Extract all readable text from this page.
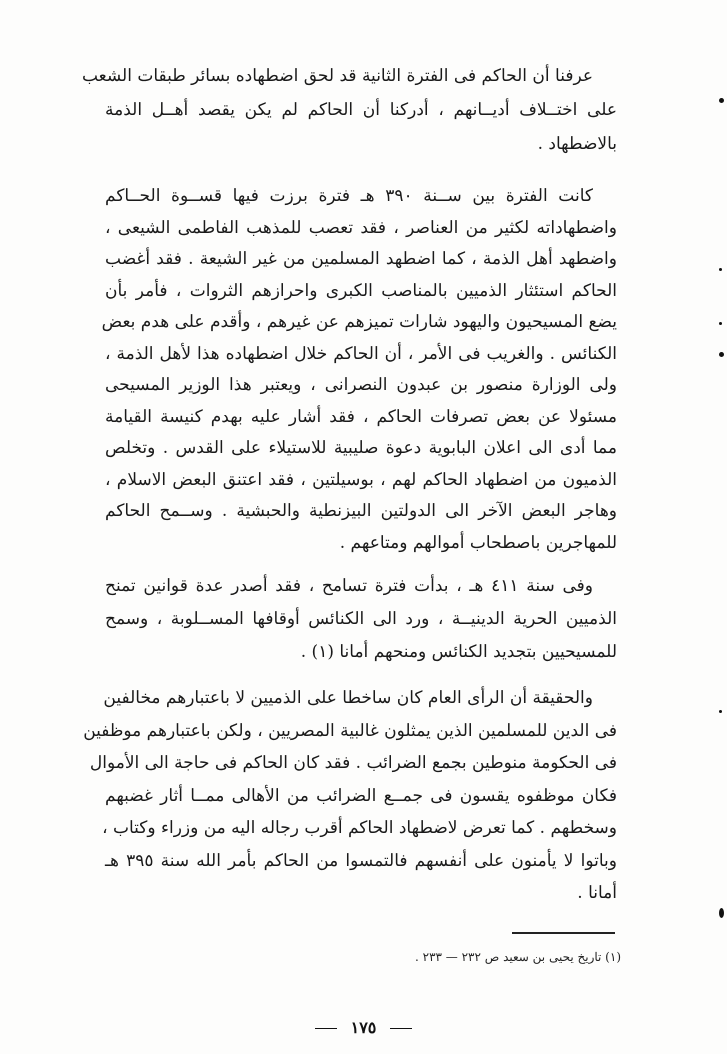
عرفنا أن الحاكم فى الفترة الثانية قد لحق اضطهاده بسائر طبقات الشعب
على اختــلاف أديــانهم ، أدركنا أن الحاكم لم يكن يقصد أهــل الذمة
بالاضطهاد .
كانت الفترة بين ســنة ٣٩٠ هـ فترة برزت فيها قســوة الحــاكم
واضطهاداته لكثير من العناصر ، فقد تعصب للمذهب الفاطمى الشيعى ،
واضطهد أهل الذمة ، كما اضطهد المسلمين من غير الشيعة . فقد أغضب
الحاكم استئثار الذميين بالمناصب الكبرى واحرازهم الثروات ، فأمر بأن
يضع المسيحيون واليهود شارات تميزهم عن غيرهم ، وأقدم على هدم بعض
الكنائس . والغريب فى الأمر ، أن الحاكم خلال اضطهاده هذا لأهل الذمة ،
ولى الوزارة منصور بن عبدون النصرانى ، ويعتبر هذا الوزير المسيحى
مسئولا عن بعض تصرفات الحاكم ، فقد أشار عليه بهدم كنيسة القيامة
مما أدى الى اعلان البابوية دعوة صليبية للاستيلاء على القدس . وتخلص
الذميون من اضطهاد الحاكم لهم ، بوسيلتين ، فقد اعتنق البعض الاسلام ،
وهاجر البعض الآخر الى الدولتين البيزنطية والحبشية . وســمح الحاكم
للمهاجرين باصطحاب أموالهم ومتاعهم .
وفى سنة ٤١١ هـ ، بدأت فترة تسامح ، فقد أصدر عدة قوانين تمنح
الذميين الحرية الدينيــة ، ورد الى الكنائس أوقافها المســلوبة ، وسمح
للمسيحيين بتجديد الكنائس ومنحهم أمانا (١) .
والحقيقة أن الرأى العام كان ساخطا على الذميين لا باعتبارهم مخالفين
فى الدين للمسلمين الذين يمثلون غالبية المصريين ، ولكن باعتبارهم موظفين
فى الحكومة منوطين بجمع الضرائب . فقد كان الحاكم فى حاجة الى الأموال
فكان موظفوه يقسون فى جمــع الضرائب من الأهالى ممــا أثار غضبهم
وسخطهم . كما تعرض لاضطهاد الحاكم أقرب رجاله اليه من وزراء وكتاب ،
وباتوا لا يأمنون على أنفسهم فالتمسوا من الحاكم بأمر الله سنة ٣٩٥ هـ
أمانا .
(١) تاريخ يحيى بن سعيد ص ٢٣٢ — ٢٣٣ .
١٧٥
